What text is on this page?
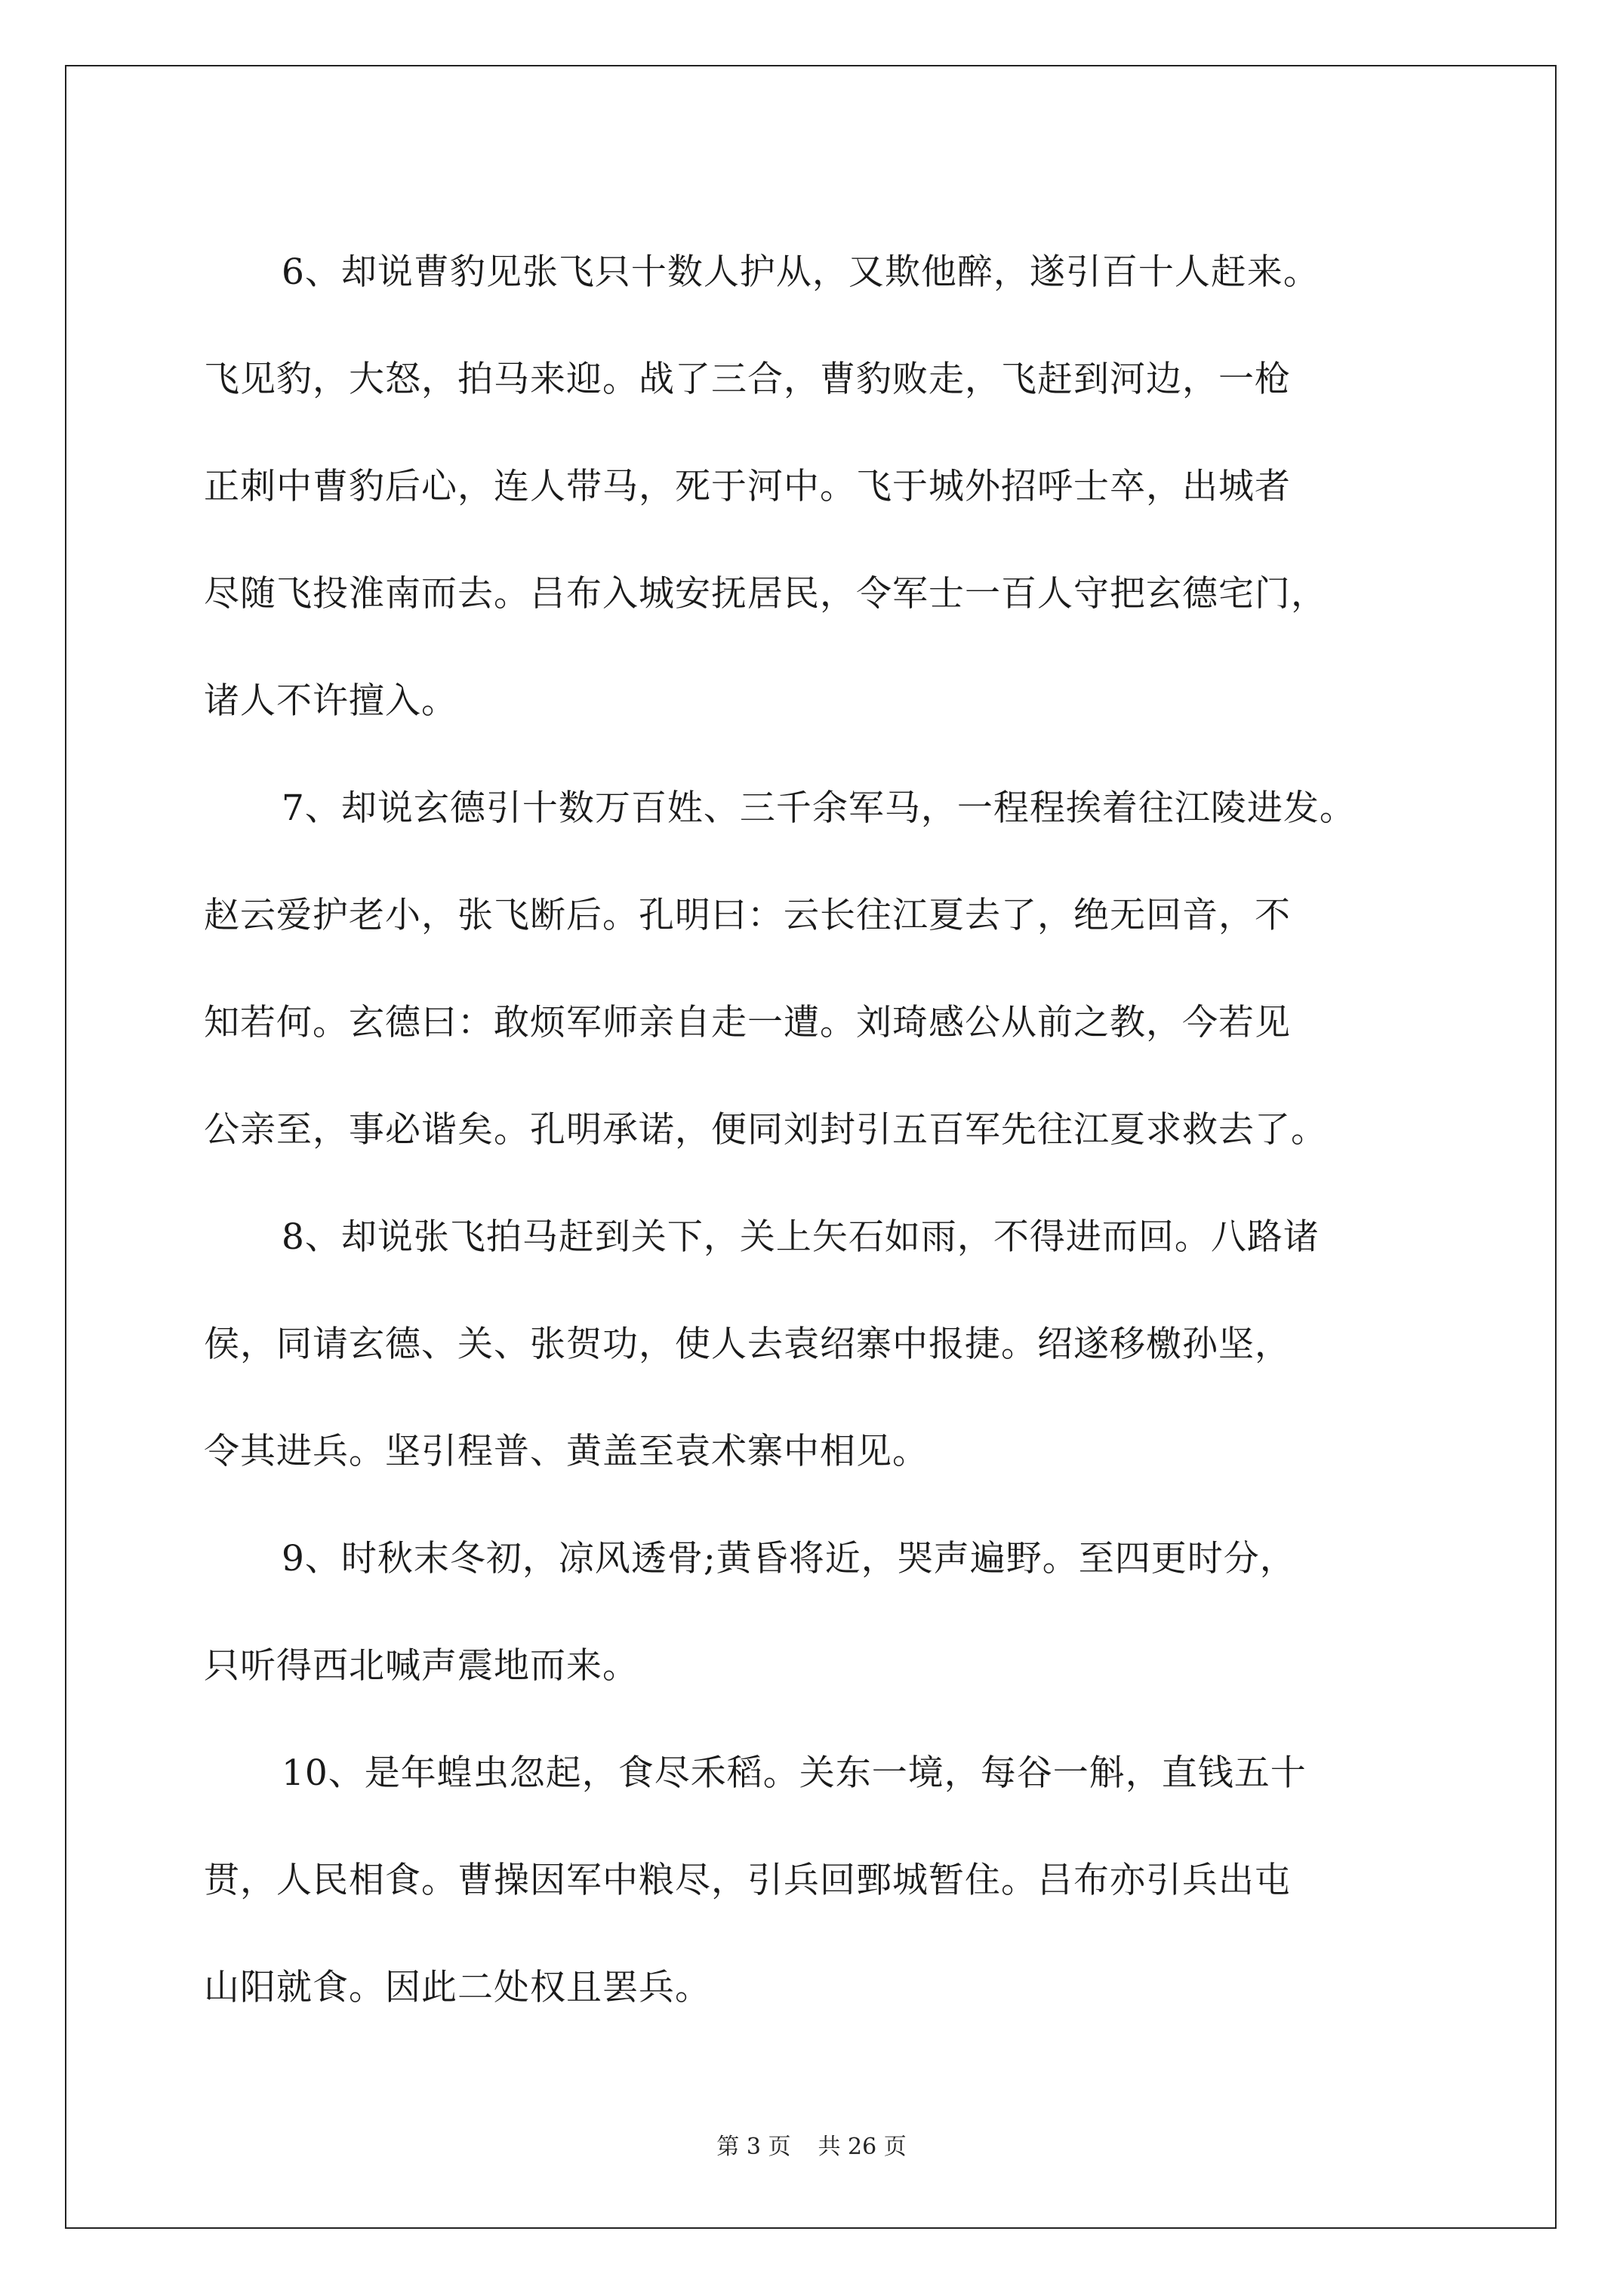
6、却说曹豹见张飞只十数人护从，又欺他醉，遂引百十人赶来。
飞见豹，大怒，拍马来迎。战了三合，曹豹败走，飞赶到河边，一枪
正刺中曹豹后心，连人带马，死于河中。飞于城外招呼士卒，出城者
尽随飞投淮南而去。吕布入城安抚居民，令军士一百人守把玄德宅门，
诸人不许擅入。
7、却说玄德引十数万百姓、三千余军马，一程程挨着往江陵进发。
赵云爱护老小，张飞断后。孔明曰：云长往江夏去了，绝无回音，不
知若何。玄德曰：敢烦军师亲自走一遭。刘琦感公从前之教，今若见
公亲至，事必谐矣。孔明承诺，便同刘封引五百军先往江夏求救去了。
8、却说张飞拍马赶到关下，关上矢石如雨，不得进而回。八路诸
侯，同请玄德、关、张贺功，使人去袁绍寨中报捷。绍遂移檄孙坚，
令其进兵。坚引程普、黄盖至袁术寨中相见。
9、时秋末冬初，凉风透骨;黄昏将近，哭声遍野。至四更时分，
只听得西北喊声震地而来。
10、是年蝗虫忽起，食尽禾稻。关东一境，每谷一斛，直钱五十
贯，人民相食。曹操因军中粮尽，引兵回鄄城暂住。吕布亦引兵出屯
山阳就食。因此二处权且罢兵。
第 3 页 共 26 页
